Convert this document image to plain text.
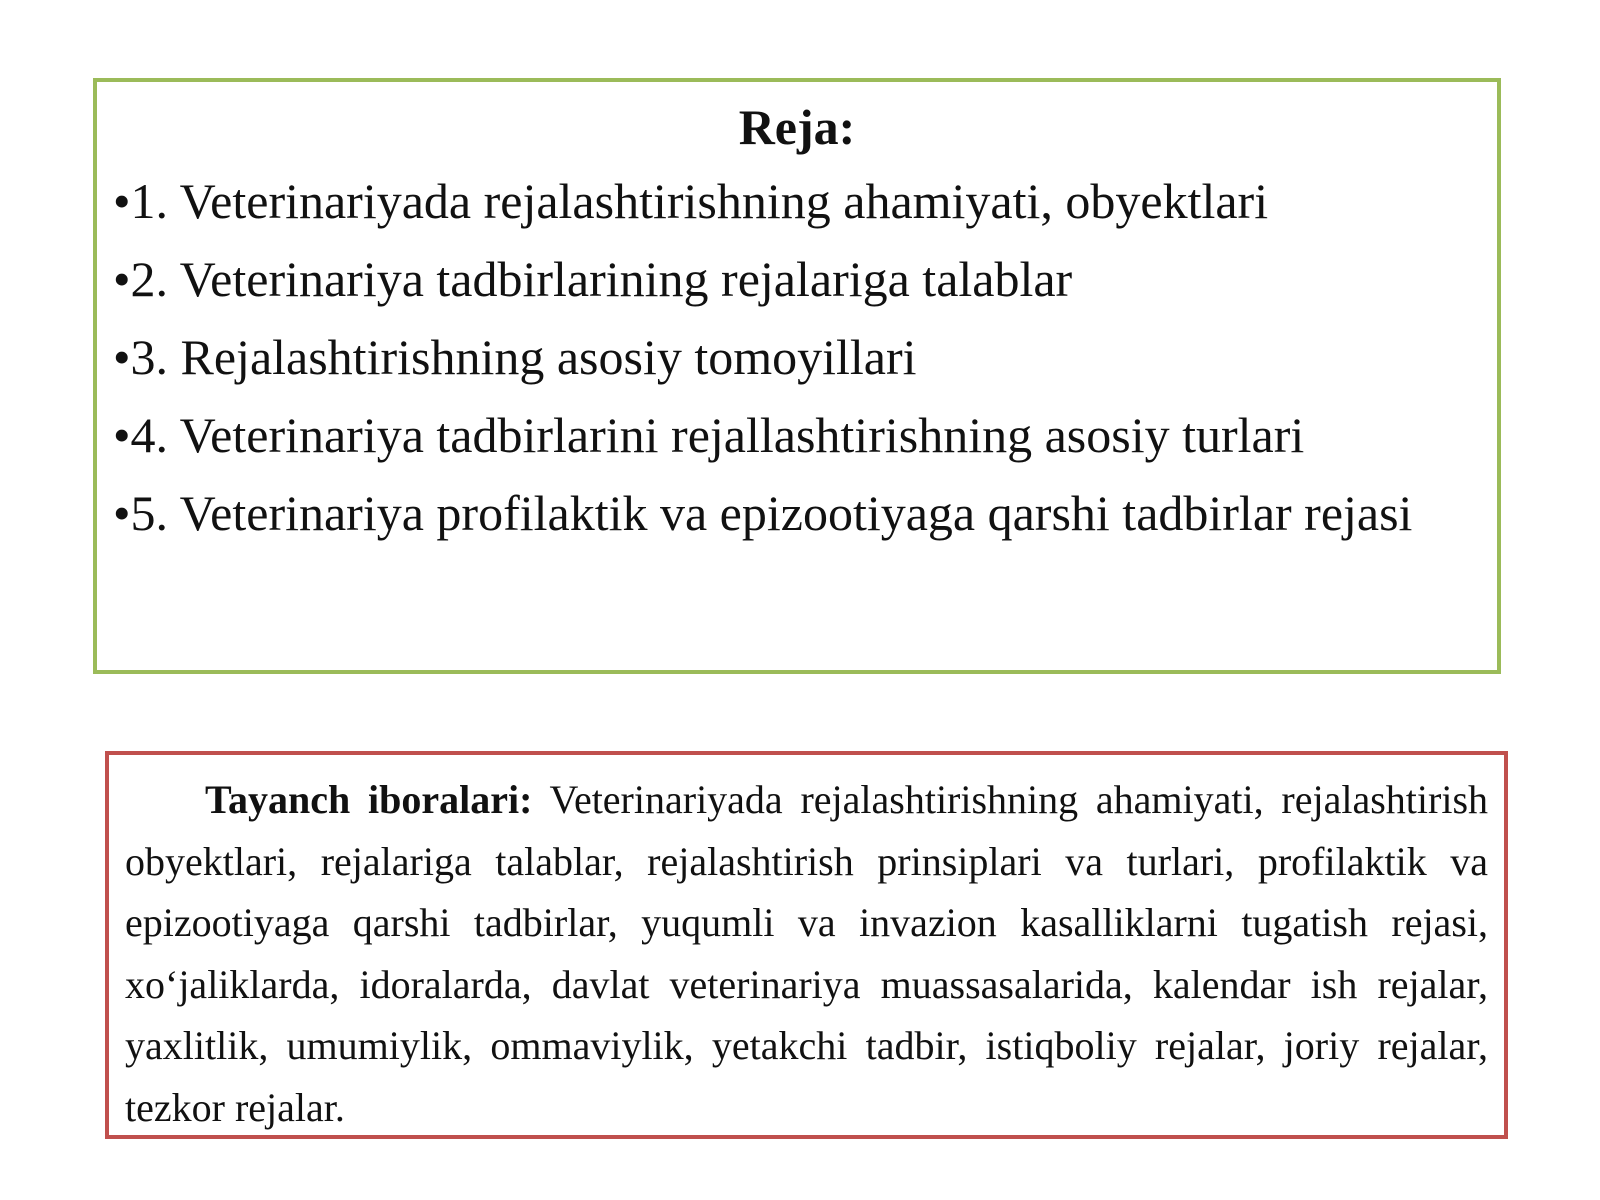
Reja:
•1. Veterinariyada rejalashtirishning ahamiyati, obyektlari
•2. Veterinariya tadbirlarining rejalariga talablar
•3. Rejalashtirishning asosiy tomoyillari
•4. Veterinariya tadbirlarini rejallashtirishning asosiy turlari
•5. Veterinariya profilaktik va epizootiyaga qarshi tadbirlar rejasi

Tayanch iboralari: Veterinariyada rejalashtirishning ahamiyati, rejalashtirish obyektlari, rejalariga talablar, rejalashtirish prinsiplari va turlari, profilaktik va epizootiyaga qarshi tadbirlar, yuqumli va invazion kasalliklarni tugatish rejasi, xo‘jaliklarda, idoralarda, davlat veterinariya muassasalarida, kalendar ish rejalar, yaxlitlik, umumiylik, ommaviylik, yetakchi tadbir, istiqboliy rejalar, joriy rejalar, tezkor rejalar.
